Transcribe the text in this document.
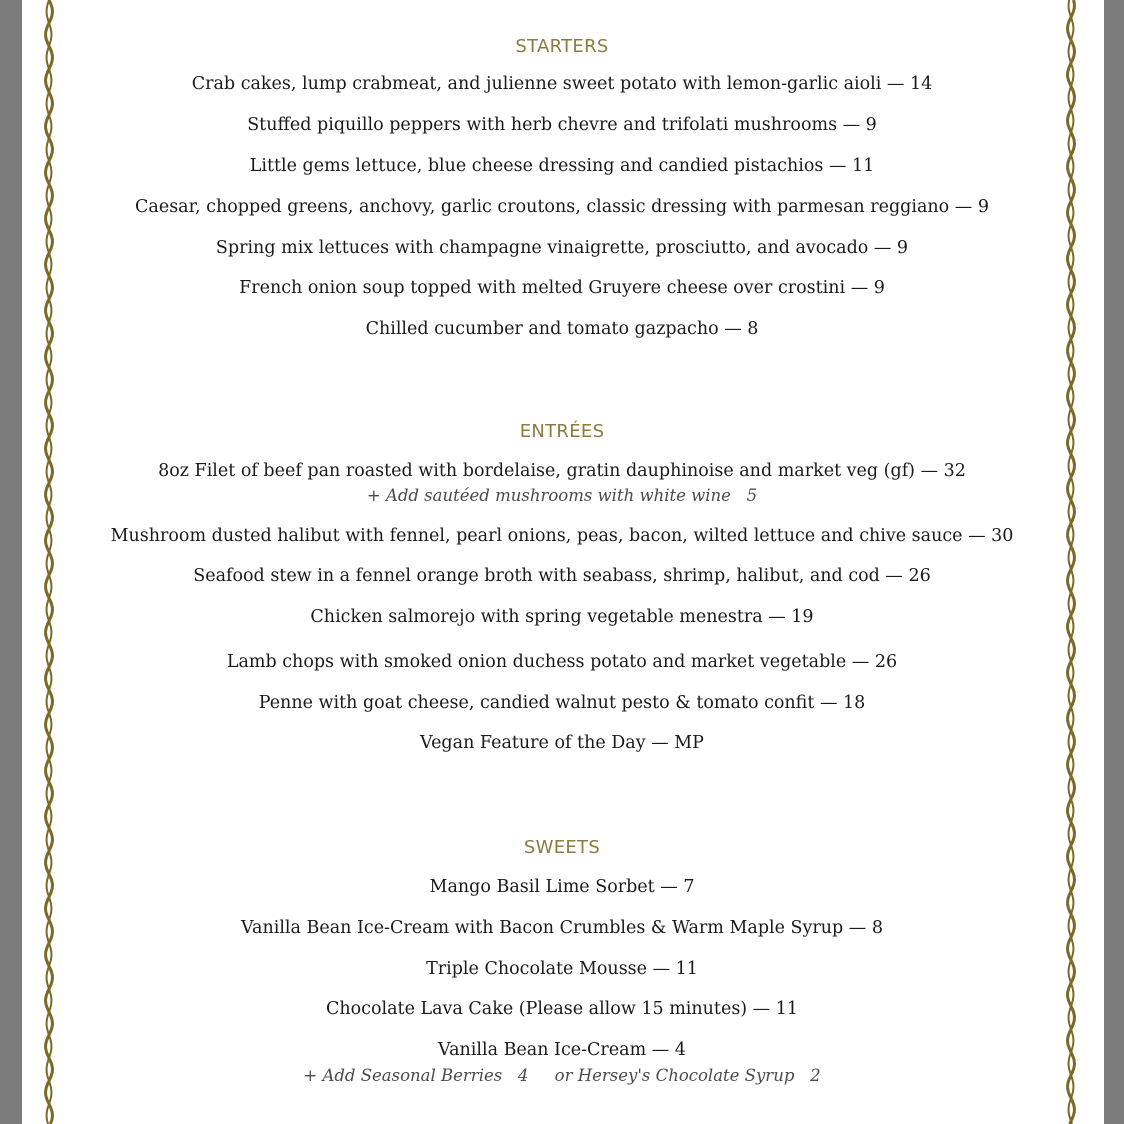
STARTERS
Crab cakes, lump crabmeat, and julienne sweet potato with lemon-garlic aioli — 14
Stuffed piquillo peppers with herb chevre and trifolati mushrooms — 9
Little gems lettuce, blue cheese dressing and candied pistachios — 11
Caesar, chopped greens, anchovy, garlic croutons, classic dressing with parmesan reggiano — 9
Spring mix lettuces with champagne vinaigrette, prosciutto, and avocado — 9
French onion soup topped with melted Gruyere cheese over crostini — 9
Chilled cucumber and tomato gazpacho — 8
ENTRÉES
8oz Filet of beef pan roasted with bordelaise, gratin dauphinoise and market veg (gf) — 32
+ Add sautéed mushrooms with white wine   5
Mushroom dusted halibut with fennel, pearl onions, peas, bacon, wilted lettuce and chive sauce — 30
Seafood stew in a fennel orange broth with seabass, shrimp, halibut, and cod — 26
Chicken salmorejo with spring vegetable menestra — 19
Lamb chops with smoked onion duchess potato and market vegetable — 26
Penne with goat cheese, candied walnut pesto & tomato confit — 18
Vegan Feature of the Day — MP
SWEETS
Mango Basil Lime Sorbet — 7
Vanilla Bean Ice-Cream with Bacon Crumbles & Warm Maple Syrup — 8
Triple Chocolate Mousse — 11
Chocolate Lava Cake (Please allow 15 minutes) — 11
Vanilla Bean Ice-Cream — 4
+ Add Seasonal Berries   4     or Hersey's Chocolate Syrup   2
